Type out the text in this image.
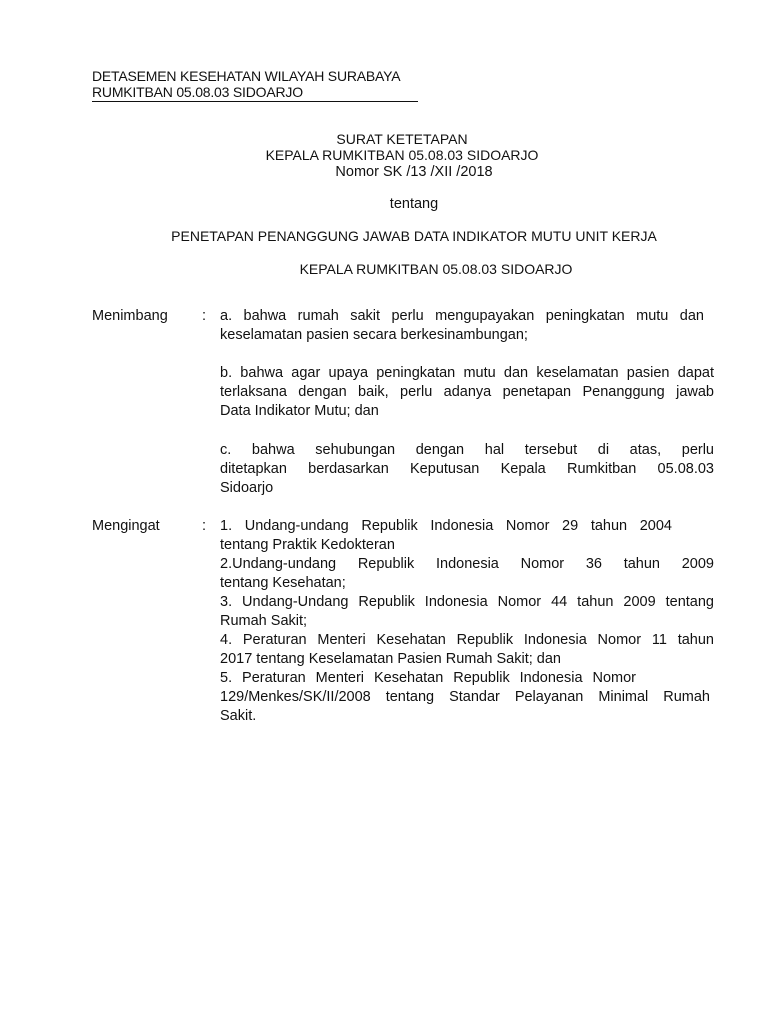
DETASEMEN KESEHATAN WILAYAH SURABAYA
RUMKITBAN 05.08.03 SIDOARJO
SURAT KETETAPAN
KEPALA RUMKITBAN 05.08.03 SIDOARJO
Nomor SK /13 /XII /2018
tentang
PENETAPAN PENANGGUNG JAWAB DATA INDIKATOR MUTU UNIT KERJA
KEPALA RUMKITBAN 05.08.03 SIDOARJO
Menimbang : a. bahwa rumah sakit perlu mengupayakan peningkatan mutu dan
keselamatan pasien secara berkesinambungan;
b. bahwa agar upaya peningkatan mutu dan keselamatan pasien dapat
terlaksana dengan baik, perlu adanya penetapan Penanggung jawab
Data Indikator Mutu; dan
c. bahwa sehubungan dengan hal tersebut di atas, perlu
ditetapkan berdasarkan Keputusan Kepala Rumkitban 05.08.03
Sidoarjo
Mengingat	: 1. Undang-undang Republik Indonesia Nomor 29 tahun 2004
tentang Praktik Kedokteran
2.Undang-undang Republik Indonesia Nomor 36 tahun 2009
tentang Kesehatan;
3. Undang-Undang Republik Indonesia Nomor 44 tahun 2009 tentang
Rumah Sakit;
4. Peraturan Menteri Kesehatan Republik Indonesia Nomor 11 tahun
2017 tentang Keselamatan Pasien Rumah Sakit; dan
5. Peraturan Menteri Kesehatan Republik Indonesia Nomor
129/Menkes/SK/II/2008 tentang Standar Pelayanan Minimal Rumah
Sakit.
